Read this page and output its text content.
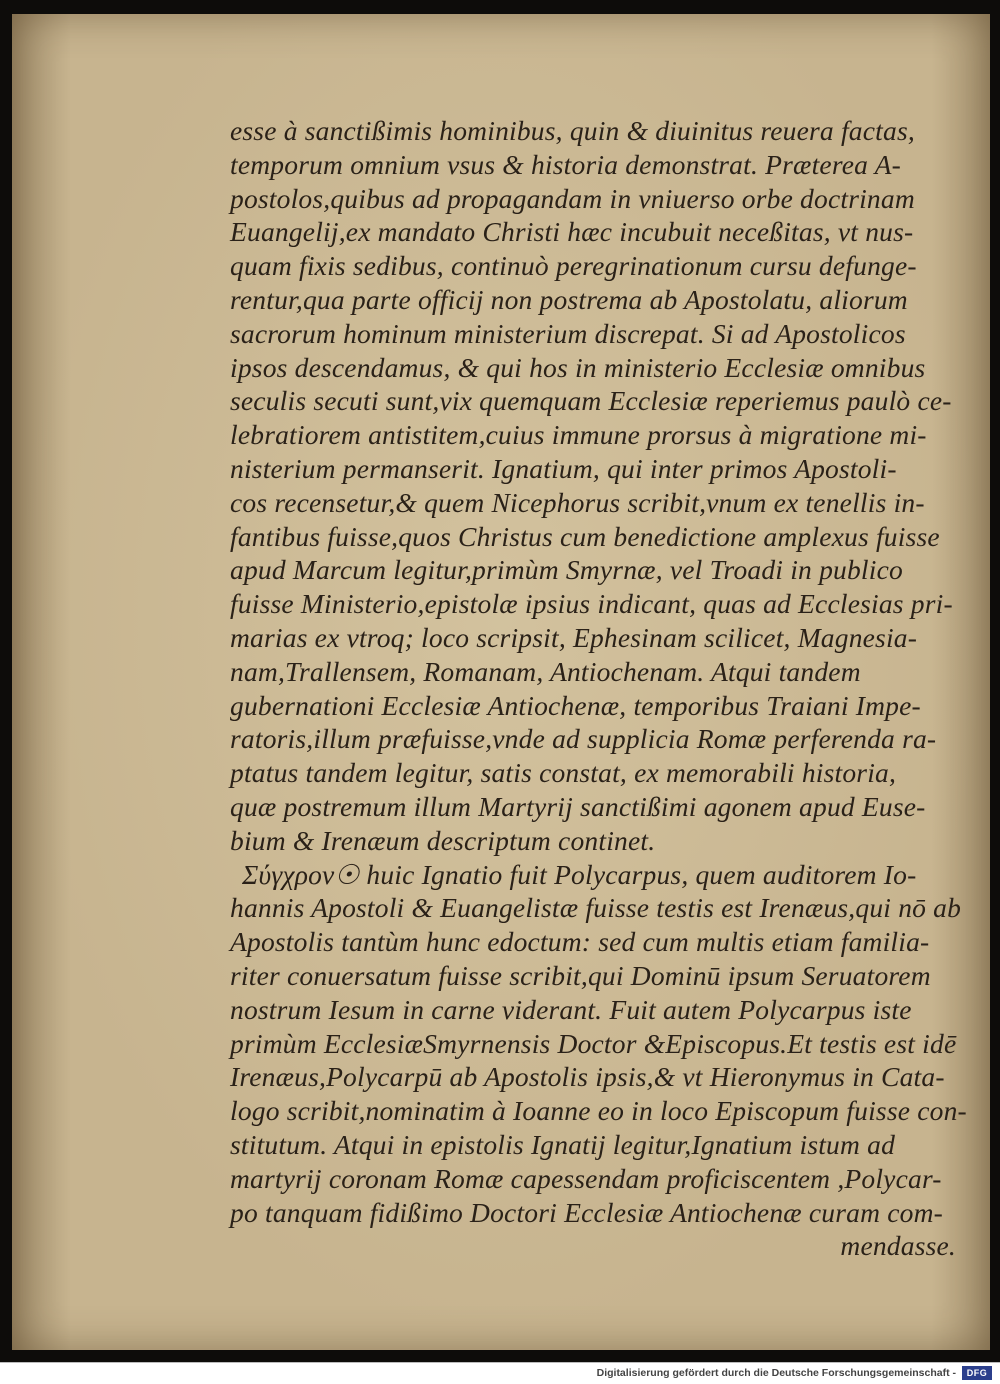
esse à sanctißimis hominibus, quin & diuinitus reuera factas,
temporum omnium vsus & historia demonstrat. Præterea A-
postolos,quibus ad propagandam in vniuerso orbe doctrinam
Euangelij,ex mandato Christi hæc incubuit neceßitas, vt nus-
quam fixis sedibus, continuò peregrinationum cursu defunge-
rentur,qua parte officij non postrema ab Apostolatu, aliorum
sacrorum hominum ministerium discrepat. Si ad Apostolicos
ipsos descendamus, & qui hos in ministerio Ecclesiæ omnibus
seculis secuti sunt,vix quemquam Ecclesiæ reperiemus paulò ce-
lebratiorem antistitem,cuius immune prorsus à migratione mi-
nisterium permanserit. Ignatium, qui inter primos Apostoli-
cos recensetur,& quem Nicephorus scribit,vnum ex tenellis in-
fantibus fuisse,quos Christus cum benedictione amplexus fuisse
apud Marcum legitur,primùm Smyrnæ, vel Troadi in publico
fuisse Ministerio,epistolæ ipsius indicant, quas ad Ecclesias pri-
marias ex vtroq; loco scripsit, Ephesinam scilicet, Magnesia-
nam,Trallensem, Romanam, Antiochenam. Atqui tandem
gubernationi Ecclesiæ Antiochenæ, temporibus Traiani Impe-
ratoris,illum præfuisse,vnde ad supplicia Romæ perferenda ra-
ptatus tandem legitur, satis constat, ex memorabili historia,
quæ postremum illum Martyrij sanctißimi agonem apud Euse-
bium & Irenæum descriptum continet.
Σύγχρον☉ huic Ignatio fuit Polycarpus, quem auditorem Io-
hannis Apostoli & Euangelistæ fuisse testis est Irenæus,qui nō ab
Apostolis tantùm hunc edoctum: sed cum multis etiam familia-
riter conuersatum fuisse scribit,qui Dominū ipsum Seruatorem
nostrum Iesum in carne viderant. Fuit autem Polycarpus iste
primùm EcclesiæSmyrnensis Doctor &Episcopus.Et testis est idē
Irenæus,Polycarpū ab Apostolis ipsis,& vt Hieronymus in Cata-
logo scribit,nominatim à Ioanne eo in loco Episcopum fuisse con-
stitutum. Atqui in epistolis Ignatij legitur,Ignatium istum ad
martyrij coronam Romæ capessendam proficiscentem ,Polycar-
po tanquam fidißimo Doctori Ecclesiæ Antiochenæ curam com-
mendasse.
Digitalisierung gefördert durch die Deutsche Forschungsgemeinschaft -	DFG
